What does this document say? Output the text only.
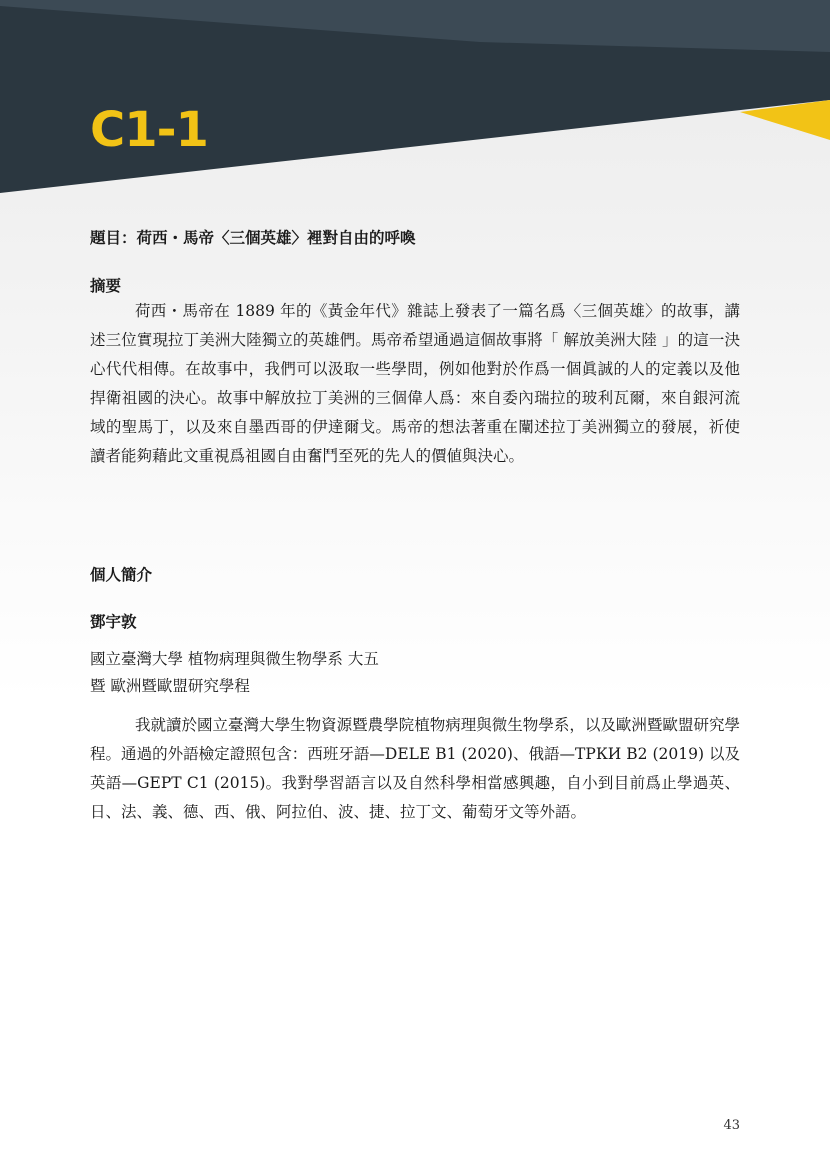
C1-1
題目：荷西・馬帝〈三個英雄〉裡對自由的呼喚
摘要

荷西・馬帝在 1889 年的《黃金年代》雜誌上發表了一篇名爲〈三個英雄〉的故事，講述三位實現拉丁美洲大陸獨立的英雄們。馬帝希望通過這個故事將「 解放美洲大陸 」的這一決心代代相傳。在故事中，我們可以汲取一些學問，例如他對於作爲一個眞誠的人的定義以及他捍衛祖國的決心。故事中解放拉丁美洲的三個偉人爲：來自委內瑞拉的玻利瓦爾，來自銀河流域的聖馬丁，以及來自墨西哥的伊達爾戈。馬帝的想法著重在闡述拉丁美洲獨立的發展，祈使讀者能夠藉此文重視爲祖國自由奮鬥至死的先人的價値與決心。

個人簡介
鄧宇敦

國立臺灣大學 植物病理與微生物學系 大五

暨 歐洲暨歐盟研究學程

我就讀於國立臺灣大學生物資源暨農學院植物病理與微生物學系，以及歐洲暨歐盟研究學程。通過的外語檢定證照包含：西班牙語—DELE B1 (2020)、俄語—ТРКИ B2 (2019) 以及英語—GEPT C1 (2015)。我對學習語言以及自然科學相當感興趣，自小到目前爲止學過英、日、法、義、德、西、俄、阿拉伯、波、捷、拉丁文、葡萄牙文等外語。

43
